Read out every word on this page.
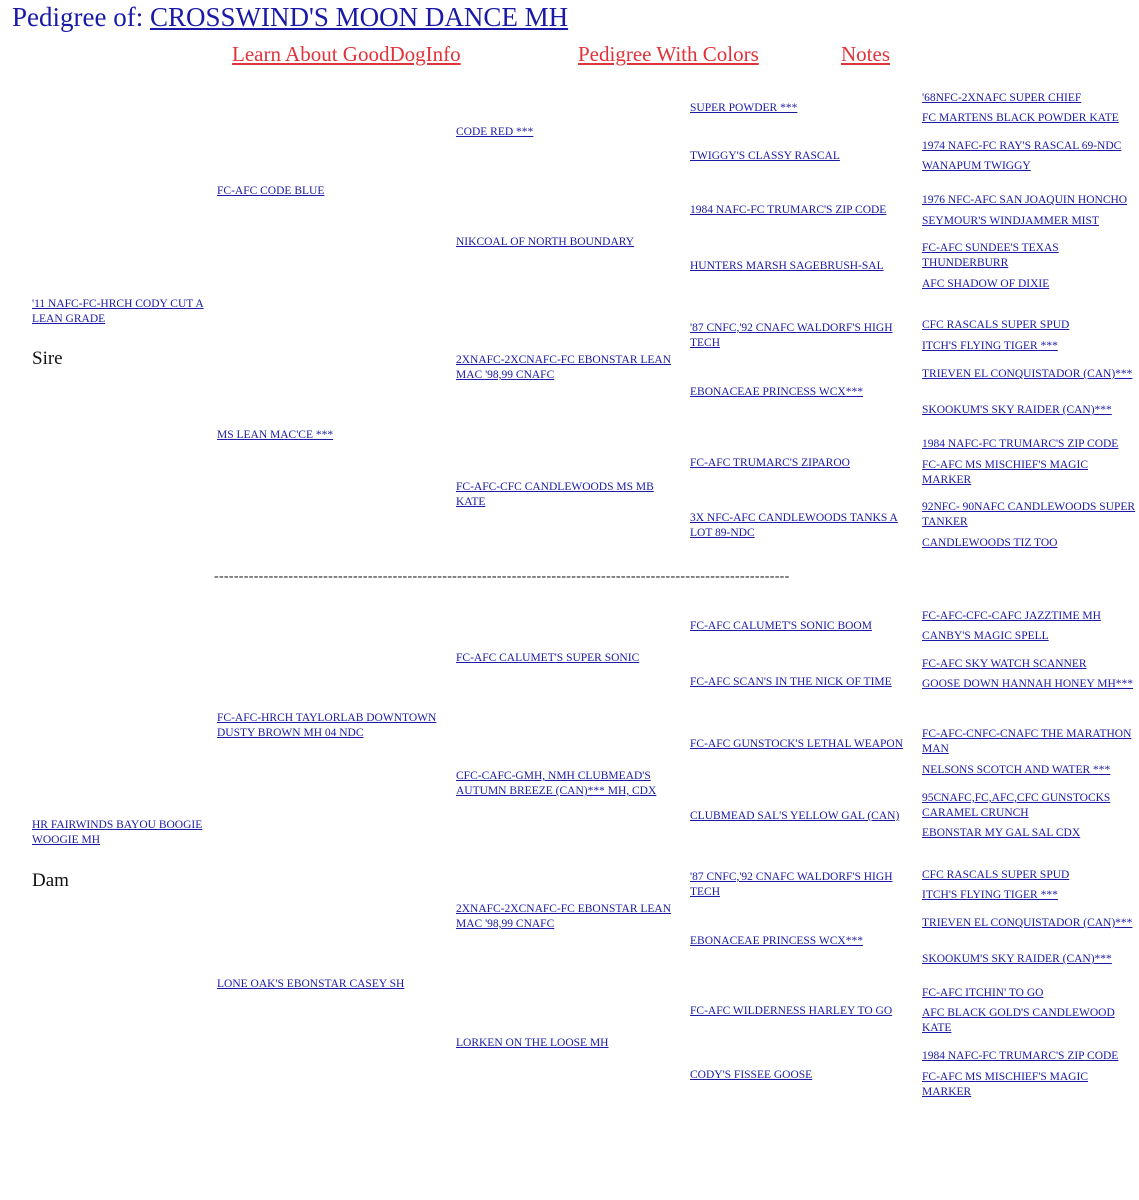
Pedigree of: CROSSWIND'S MOON DANCE MH
Learn About GoodDogInfo	Pedigree With Colors	Notes
'11 NAFC-FC-HRCH CODY CUT A LEAN GRADE
Sire
FC-AFC CODE BLUE
MS LEAN MAC'CE ***
CODE RED ***
NIKCOAL OF NORTH BOUNDARY
2XNAFC-2XCNAFC-FC EBONSTAR LEAN MAC '98,99 CNAFC
FC-AFC-CFC CANDLEWOODS MS MB KATE
SUPER POWDER ***
TWIGGY'S CLASSY RASCAL
1984 NAFC-FC TRUMARC'S ZIP CODE
HUNTERS MARSH SAGEBRUSH-SAL
'87 CNFC,'92 CNAFC WALDORF'S HIGH TECH
EBONACEAE PRINCESS WCX***
FC-AFC TRUMARC'S ZIPAROO
3X NFC-AFC CANDLEWOODS TANKS A LOT 89-NDC
'68NFC-2XNAFC SUPER CHIEF
FC MARTENS BLACK POWDER KATE
1974 NAFC-FC RAY'S RASCAL 69-NDC
WANAPUM TWIGGY
1976 NFC-AFC SAN JOAQUIN HONCHO
SEYMOUR'S WINDJAMMER MIST
FC-AFC SUNDEE'S TEXAS THUNDERBURR
AFC SHADOW OF DIXIE
CFC RASCALS SUPER SPUD
ITCH'S FLYING TIGER ***
TRIEVEN EL CONQUISTADOR (CAN)***
SKOOKUM'S SKY RAIDER (CAN)***
1984 NAFC-FC TRUMARC'S ZIP CODE
FC-AFC MS MISCHIEF'S MAGIC MARKER
92NFC- 90NAFC CANDLEWOODS SUPER TANKER
CANDLEWOODS TIZ TOO
--------------------------------------------------------------------------------------------------------------------
HR FAIRWINDS BAYOU BOOGIE WOOGIE MH
Dam
FC-AFC-HRCH TAYLORLAB DOWNTOWN DUSTY BROWN MH 04 NDC
LONE OAK'S EBONSTAR CASEY SH
FC-AFC CALUMET'S SUPER SONIC
CFC-CAFC-GMH, NMH CLUBMEAD'S AUTUMN BREEZE (CAN)*** MH, CDX
2XNAFC-2XCNAFC-FC EBONSTAR LEAN MAC '98,99 CNAFC
LORKEN ON THE LOOSE MH
FC-AFC CALUMET'S SONIC BOOM
FC-AFC SCAN'S IN THE NICK OF TIME
FC-AFC GUNSTOCK'S LETHAL WEAPON
CLUBMEAD SAL'S YELLOW GAL (CAN)
'87 CNFC,'92 CNAFC WALDORF'S HIGH TECH
EBONACEAE PRINCESS WCX***
FC-AFC WILDERNESS HARLEY TO GO
CODY'S FISSEE GOOSE
FC-AFC-CFC-CAFC JAZZTIME MH
CANBY'S MAGIC SPELL
FC-AFC SKY WATCH SCANNER
GOOSE DOWN HANNAH HONEY MH***
FC-AFC-CNFC-CNAFC THE MARATHON MAN
NELSONS SCOTCH AND WATER ***
95CNAFC,FC,AFC,CFC GUNSTOCKS CARAMEL CRUNCH
EBONSTAR MY GAL SAL CDX
CFC RASCALS SUPER SPUD
ITCH'S FLYING TIGER ***
TRIEVEN EL CONQUISTADOR (CAN)***
SKOOKUM'S SKY RAIDER (CAN)***
FC-AFC ITCHIN' TO GO
AFC BLACK GOLD'S CANDLEWOOD KATE
1984 NAFC-FC TRUMARC'S ZIP CODE
FC-AFC MS MISCHIEF'S MAGIC MARKER
